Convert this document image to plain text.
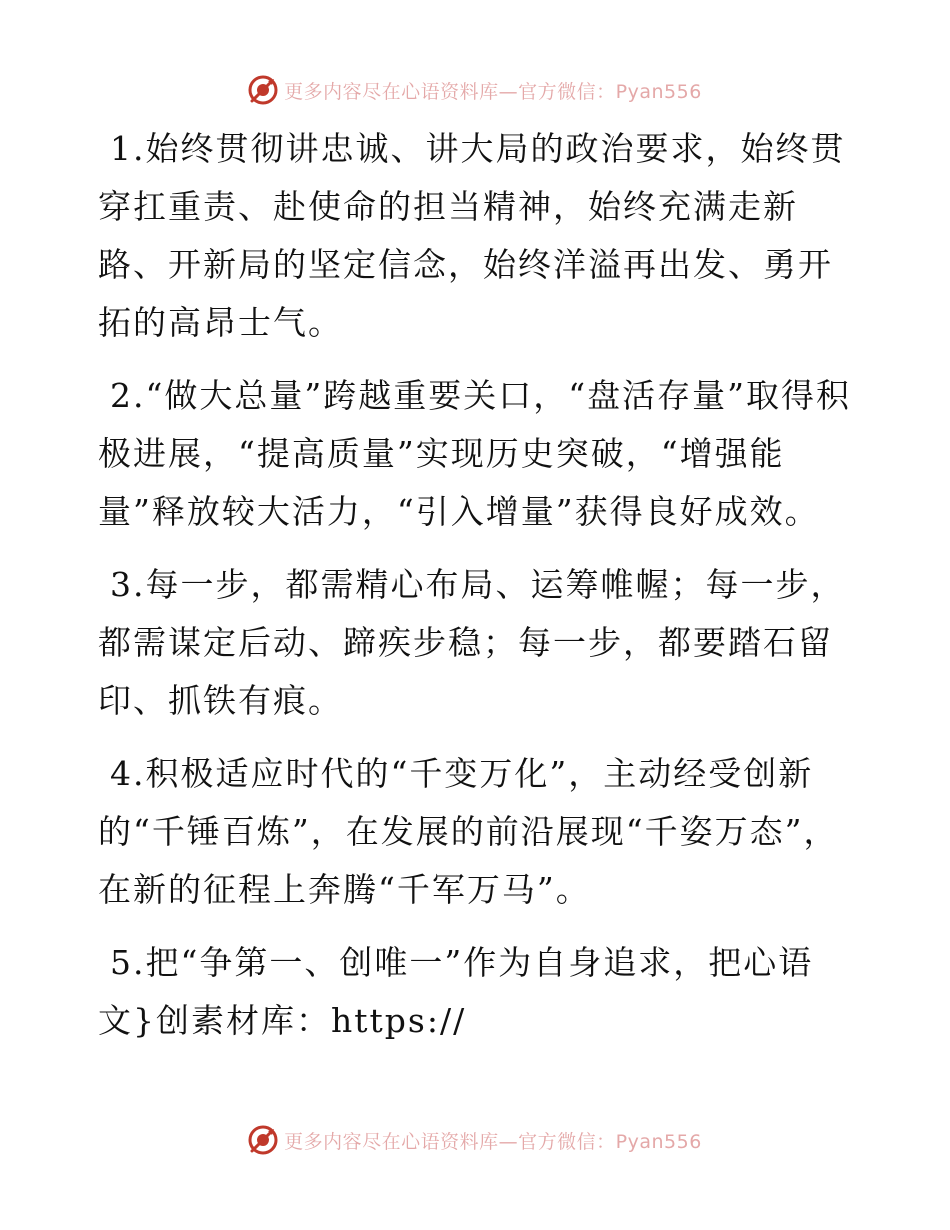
更多内容尽在心语资料库—官方微信：Pyan556

1.始终贯彻讲忠诚、讲大局的政治要求，始终贯穿扛重责、赴使命的担当精神，始终充满走新路、开新局的坚定信念，始终洋溢再出发、勇开拓的高昂士气。

2.“做大总量”跨越重要关口，“盘活存量”取得积极进展，“提高质量”实现历史突破，“增强能量”释放较大活力，“引入增量”获得良好成效。

3.每一步，都需精心布局、运筹帷幄；每一步，都需谋定后动、蹄疾步稳；每一步，都要踏石留印、抓铁有痕。

4.积极适应时代的“千变万化”，主动经受创新的“千锤百炼”，在发展的前沿展现“千姿万态”，在新的征程上奔腾“千军万马”。

5.把“争第一、创唯一”作为自身追求，把心语文}创素材库：https://

更多内容尽在心语资料库—官方微信：Pyan556
